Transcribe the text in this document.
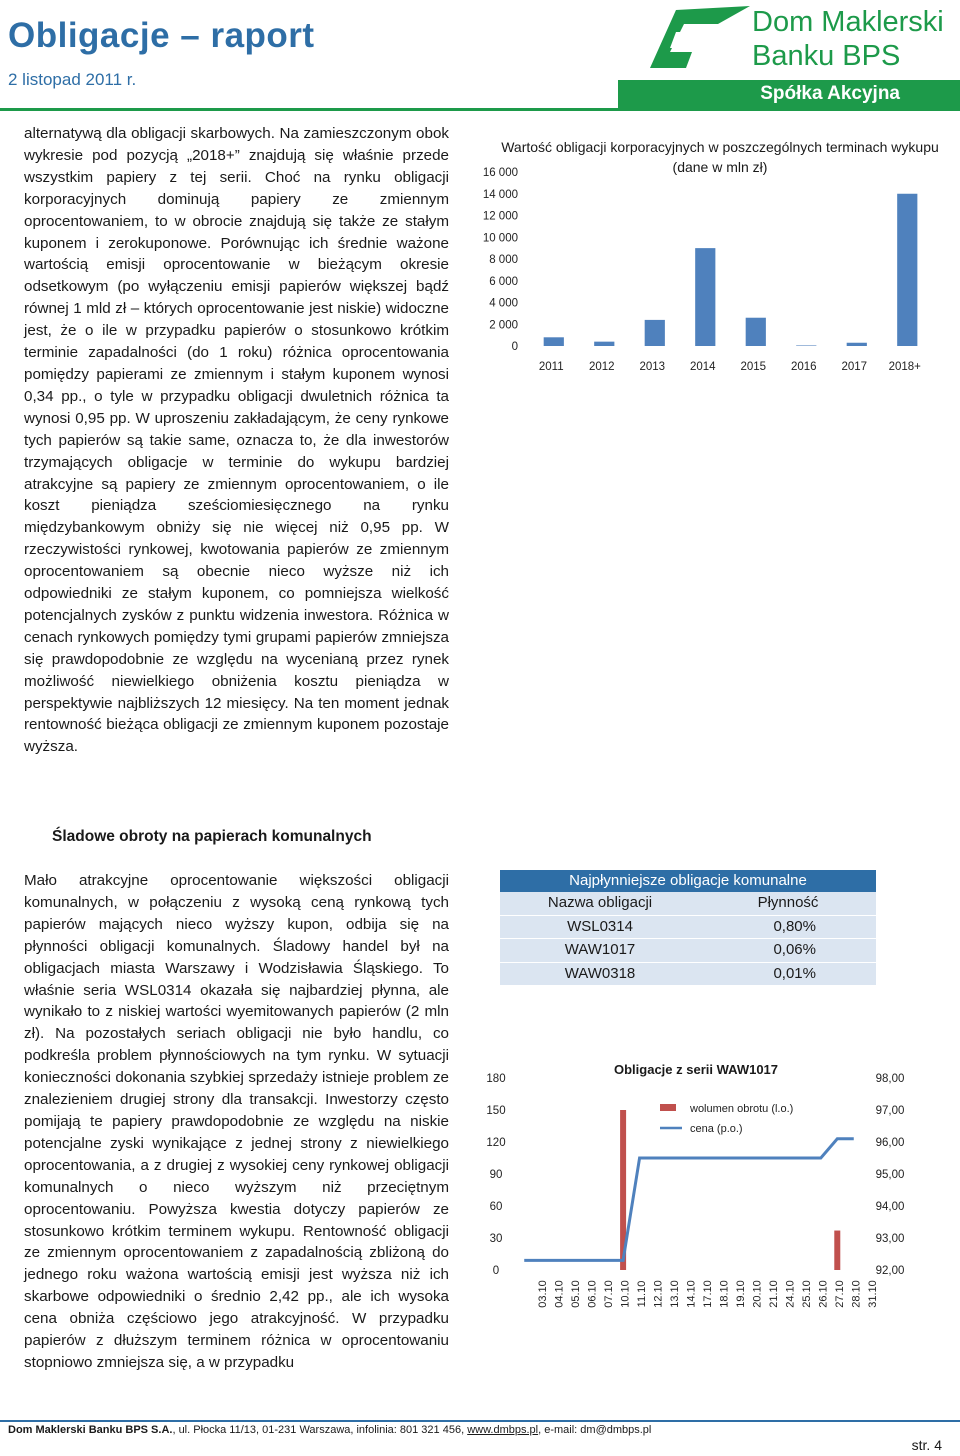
Obligacje – raport
2 listopad 2011 r.
Dom Maklerski
Banku BPS
Spółka Akcyjna

alternatywą dla obligacji skarbowych. Na zamieszczonym obok wykresie pod pozycją „2018+” znajdują się właśnie przede wszystkim papiery z tej serii. Choć na rynku obligacji korporacyjnych dominują papiery ze zmiennym oprocentowaniem, to w obrocie znajdują się także ze stałym kuponem i zerokuponowe. Porównując ich średnie ważone wartością emisji oprocentowanie w bieżącym okresie odsetkowym (po wyłączeniu emisji papierów większej bądź równej 1 mld zł – których oprocentowanie jest niskie) widoczne jest, że o ile w przypadku papierów o stosunkowo krótkim terminie zapadalności (do 1 roku) różnica oprocentowania pomiędzy papierami ze zmiennym i stałym kuponem wynosi 0,34 pp., o tyle w przypadku obligacji dwuletnich różnica ta wynosi 0,95 pp. W uproszeniu zakładającym, że ceny rynkowe tych papierów są takie same, oznacza to, że dla inwestorów trzymających obligacje w terminie do wykupu bardziej atrakcyjne są papiery ze zmiennym oprocentowaniem, o ile koszt pieniądza sześciomiesięcznego na rynku międzybankowym obniży się nie więcej niż 0,95 pp. W rzeczywistości rynkowej, kwotowania papierów ze zmiennym oprocentowaniem są obecnie nieco wyższe niż ich odpowiedniki ze stałym kuponem, co pomniejsza wielkość potencjalnych zysków z punktu widzenia inwestora. Różnica w cenach rynkowych pomiędzy tymi grupami papierów zmniejsza się prawdopodobnie ze względu na wycenianą przez rynek możliwość niewielkiego obniżenia kosztu pieniądza w perspektywie najbliższych 12 miesięcy. Na ten moment jednak rentowność bieżąca obligacji ze zmiennym kuponem pozostaje wyższa.

Śladowe obroty na papierach komunalnych

Mało atrakcyjne oprocentowanie większości obligacji komunalnych, w połączeniu z wysoką ceną rynkową tych papierów mających nieco wyższy kupon, odbija się na płynności obligacji komunalnych. Śladowy handel był na obligacjach miasta Warszawy i Wodzisławia Śląskiego. To właśnie seria WSL0314 okazała się najbardziej płynna, ale wynikało to z niskiej wartości wyemitowanych papierów (2 mln zł). Na pozostałych seriach obligacji nie było handlu, co podkreśla problem płynnościowych na tym rynku. W sytuacji konieczności dokonania szybkiej sprzedaży istnieje problem ze znalezieniem drugiej strony dla transakcji. Inwestorzy często pomijają te papiery prawdopodobnie ze względu na niskie potencjalne zyski wynikające z jednej strony z niewielkiego oprocentowania, a z drugiej z wysokiej ceny rynkowej obligacji komunalnych o nieco wyższym niż przeciętnym oprocentowaniu. Powyższa kwestia dotyczy papierów ze stosunkowo krótkim terminem wykupu. Rentowność obligacji ze zmiennym oprocentowaniem z zapadalnością zbliżoną do jednego roku ważona wartością emisji jest wyższa niż ich skarbowe odpowiedniki o średnio 2,42 pp., ale ich wysoka cena obniża częściowo jego atrakcyjność. W przypadku papierów z dłuższym terminem różnica w oprocentowaniu stopniowo zmniejsza się, a w przypadku

Wartość obligacji korporacyjnych w poszczególnych terminach wykupu (dane w mln zł)
0
2 000
4 000
6 000
8 000
10 000
12 000
14 000
16 000
2011 2012 2013 2014 2015 2016 2017 2018+
Najpłynniejsze obligacje komunalne
Nazwa obligacji	Płynność
WSL0314	0,80%
WAW1017	0,06%
WAW0318	0,01%
Obligacje z serii WAW1017
0
30
60
90
120
150
180
92,00
93,00
94,00
95,00
96,00
97,00
98,00
03.10 04.10 05.10 06.10 07.10 10.10 11.10 12.10 13.10 14.10 17.10 18.10 19.10 20.10 21.10 24.10 25.10 26.10 27.10 28.10 31.10
wolumen obrotu (l.o.)
cena (p.o.)
Dom Maklerski Banku BPS S.A., ul. Płocka 11/13, 01-231 Warszawa, infolinia: 801 321 456, www.dmbps.pl, e-mail: dm@dmbps.pl
str. 4
